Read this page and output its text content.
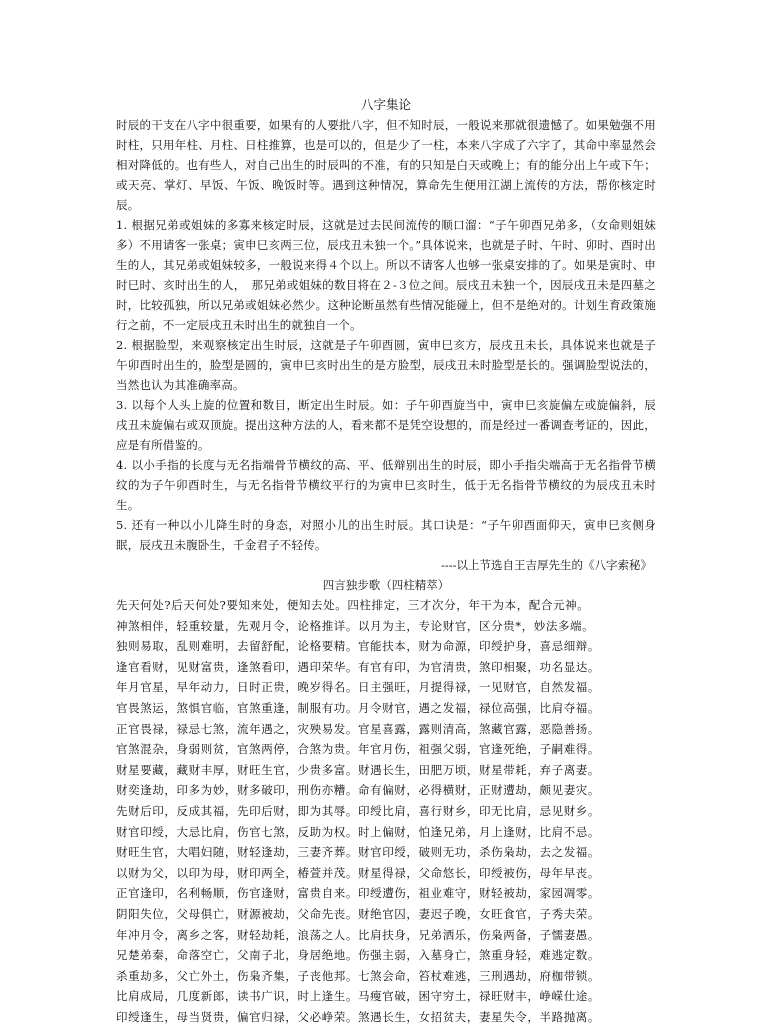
八字集论

时辰的干支在八字中很重要，如果有的人要批八字，但不知时辰，一般说来那就很遗憾了。如果勉强不用时柱，只用年柱、月柱、日柱推算，也是可以的，但是少了一柱，本来八字成了六字了，其命中率显然会相对降低的。也有些人，对自己出生的时辰叫的不准，有的只知是白天或晚上；有的能分出上午或下午；或天亮、掌灯、早饭、午饭、晚饭时等。遇到这种情况，算命先生便用江湖上流传的方法，帮你核定时辰。

1. 根据兄弟或姐妹的多寡来核定时辰，这就是过去民间流传的顺口溜：“子午卯酉兄弟多，（女命则姐妹多）不用请客一张桌；寅申巳亥两三位，辰戌丑未独一个。”具体说来，也就是子时、午时、卯时、酉时出生的人，其兄弟或姐妹较多，一般说来得４个以上。所以不请客人也够一张桌安排的了。如果是寅时、申时巳时、亥时出生的人，　那兄弟或姐妹的数目将在２-３位之间。辰戌丑未独一个，因辰戌丑未是四墓之时，比较孤独，所以兄弟或姐妹必然少。这种论断虽然有些情况能碰上，但不是绝对的。计划生育政策施行之前，不一定辰戌丑未时出生的就独自一个。

2. 根据脸型，来观察核定出生时辰，这就是子午卯酉圆，寅申巳亥方，辰戌丑未长，具体说来也就是子午卯酉时出生的，脸型是圆的，寅申巳亥时出生的是方脸型，辰戌丑未时脸型是长的。强调脸型说法的，当然也认为其准确率高。

3. 以每个人头上旋的位置和数目，断定出生时辰。如：子午卯酉旋当中，寅申巳亥旋偏左或旋偏斜，辰戌丑未旋偏右或双顶旋。提出这种方法的人，看来都不是凭空设想的，而是经过一番调查考证的，因此，应是有所借鉴的。

4. 以小手指的长度与无名指端骨节横纹的高、平、低辩别出生的时辰，即小手指尖端高于无名指骨节横纹的为子午卯酉时生，与无名指骨节横纹平行的为寅申巳亥时生，低于无名指骨节横纹的为辰戌丑未时生。

5. 还有一种以小儿降生时的身态，对照小儿的出生时辰。其口诀是：“子午卯酉面仰天，寅申巳亥侧身眠，辰戌丑未腹卧生，千金君子不轻传。

----以上节选自王吉厚先生的《八字索秘》

四言独步歌（四柱精萃）

先天何处?后天何处?要知来处，便知去处。四柱排定，三才次分，年干为本，配合元神。

神煞相伴，轻重较量，先观月令，论格推详。以月为主，专论财官，区分贵*，妙法多端。

独则易取，乱则难明，去留舒配，论格要精。官能扶本，财为命源，印绶护身，喜忌细辩。

逢官看财，见财富贵，逢煞看印，遇印荣华。有官有印，为官清贵，煞印相聚，功名显达。

年月官星，早年动力，日时正贵，晚岁得名。日主强旺，月提得禄，一见财官，自然发福。

官畏煞运，煞惧官临，官煞重逢，制服有功。月令财官，遇之发福，禄位高强，比肩夺福。

正官畏禄，禄忌七煞，流年遇之，灾殃易发。官星喜露，露则清高，煞藏官露，恶隐善扬。

官煞混杂，身弱则贫，官煞两停，合煞为贵。年官月伤，祖强父弱，官逢死绝，子嗣难得。

财星要藏，藏财丰厚，财旺生官，少贵多富。财遇长生，田肥万顷，财星带耗，弃子离妻。

财奕逢劫，印多为妙，财多破印，刑伤亦糟。命有偏财，必得横财，正财遭劫，颇见妻灾。

先财后印，反成其福，先印后财，即为其辱。印绶比肩，喜行财乡，印无比肩，忌见财乡。

财官印绶，大忌比肩，伤官七煞，反助为权。时上偏财，怕逢兄弟，月上逢财，比肩不忌。

财旺生官，大唱妇随，财轻逢劫，三妻齐葬。财官印绶，破则无功，杀伤枭劫，去之发福。

以财为父，以印为母，财印两全，椿萱并茂。财星得禄，父命悠长，印绶被伤，母年早丧。

正官逢印，名利畅顺，伤官逢财，富贵自来。印绶遭伤，祖业难守，财轻被劫，家园凋零。

阴阳失位，父母俱亡，财源被劫，父命先丧。财绝官囚，妻迟子晚，女旺食官，子秀夫荣。

年冲月令，离乡之客，财轻劫耗，浪荡之人。比肩扶身，兄弟洒乐，伤枭两备，子懦妻愚。

兄楚弟秦，命落空亡，父南子北，身居绝地。伤强主弱，入墓身亡，煞重身轻，难逃定数。

杀重劫多，父亡外土，伤枭齐集，子丧他邦。七煞会命，笞杖难逃，三刑遇劫，府枷带锁。

比肩成局，几度新郎，读书广识，时上逢生。马瘦官破，困守穷土，禄旺财丰，峥嵘仕途。

印绶逢生，母当贤贵，偏官归禄，父必峥荣。煞遇长生，女招贫夫，妻星失令，半路抛离。
